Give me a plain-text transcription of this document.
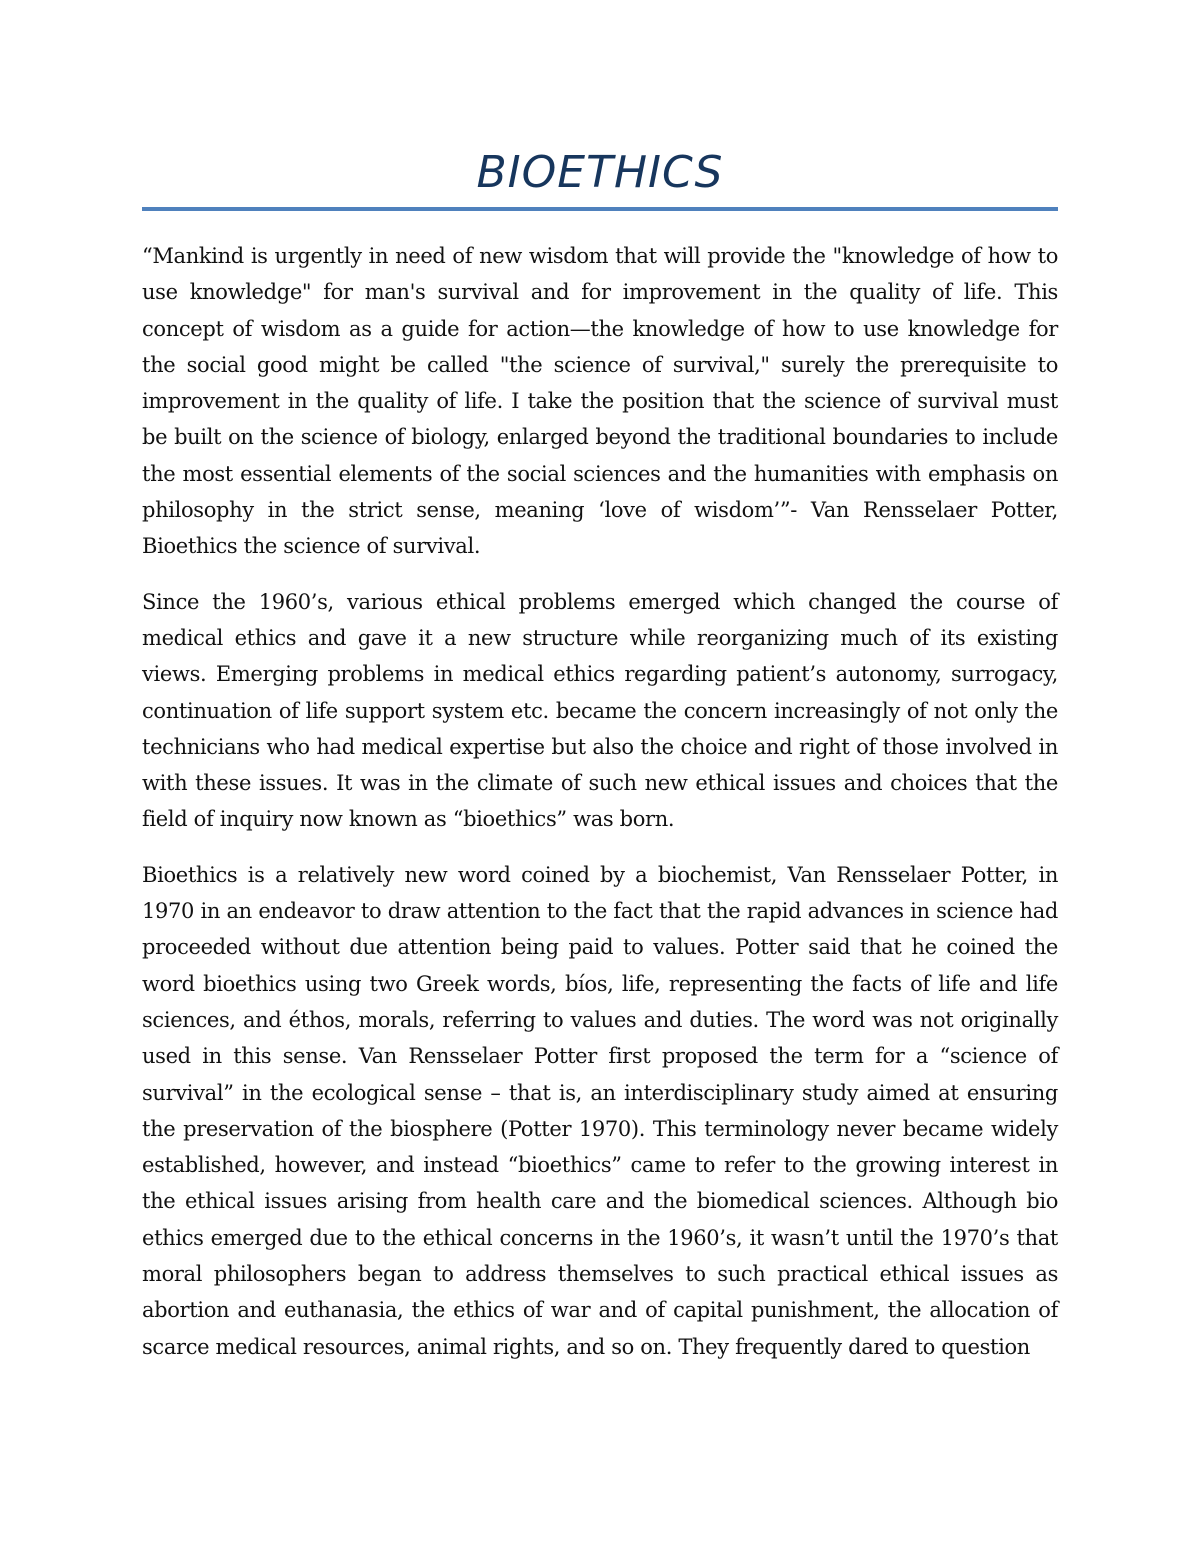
BIOETHICS

“Mankind is urgently in need of new wisdom that will provide the "knowledge of how to use knowledge" for man's survival and for improvement in the quality of life. This concept of wisdom as a guide for action—the knowledge of how to use knowledge for the social good might be called "the science of survival," surely the prerequisite to improvement in the quality of life. I take the position that the science of survival must be built on the science of biology, enlarged beyond the traditional boundaries to include the most essential elements of the social sciences and the humanities with emphasis on philosophy in the strict sense, meaning ‘love of wisdom’”- Van Rensselaer Potter, Bioethics the science of survival.

Since the 1960’s, various ethical problems emerged which changed the course of medical ethics and gave it a new structure while reorganizing much of its existing views. Emerging problems in medical ethics regarding patient’s autonomy, surrogacy, continuation of life support system etc. became the concern increasingly of not only the technicians who had medical expertise but also the choice and right of those involved in with these issues. It was in the climate of such new ethical issues and choices that the field of inquiry now known as “bioethics” was born.

Bioethics is a relatively new word coined by a biochemist, Van Rensselaer Potter, in 1970 in an endeavor to draw attention to the fact that the rapid advances in science had proceeded without due attention being paid to values. Potter said that he coined the word bioethics using two Greek words, bíos, life, representing the facts of life and life sciences, and éthos, morals, referring to values and duties. The word was not originally used in this sense. Van Rensselaer Potter first proposed the term for a “science of survival” in the ecological sense – that is, an interdisciplinary study aimed at ensuring the preservation of the biosphere (Potter 1970). This terminology never became widely established, however, and instead “bioethics” came to refer to the growing interest in the ethical issues arising from health care and the biomedical sciences. Although bio ethics emerged due to the ethical concerns in the 1960’s, it wasn’t until the 1970’s that moral philosophers began to address themselves to such practical ethical issues as abortion and euthanasia, the ethics of war and of capital punishment, the allocation of scarce medical resources, animal rights, and so on. They frequently dared to question
